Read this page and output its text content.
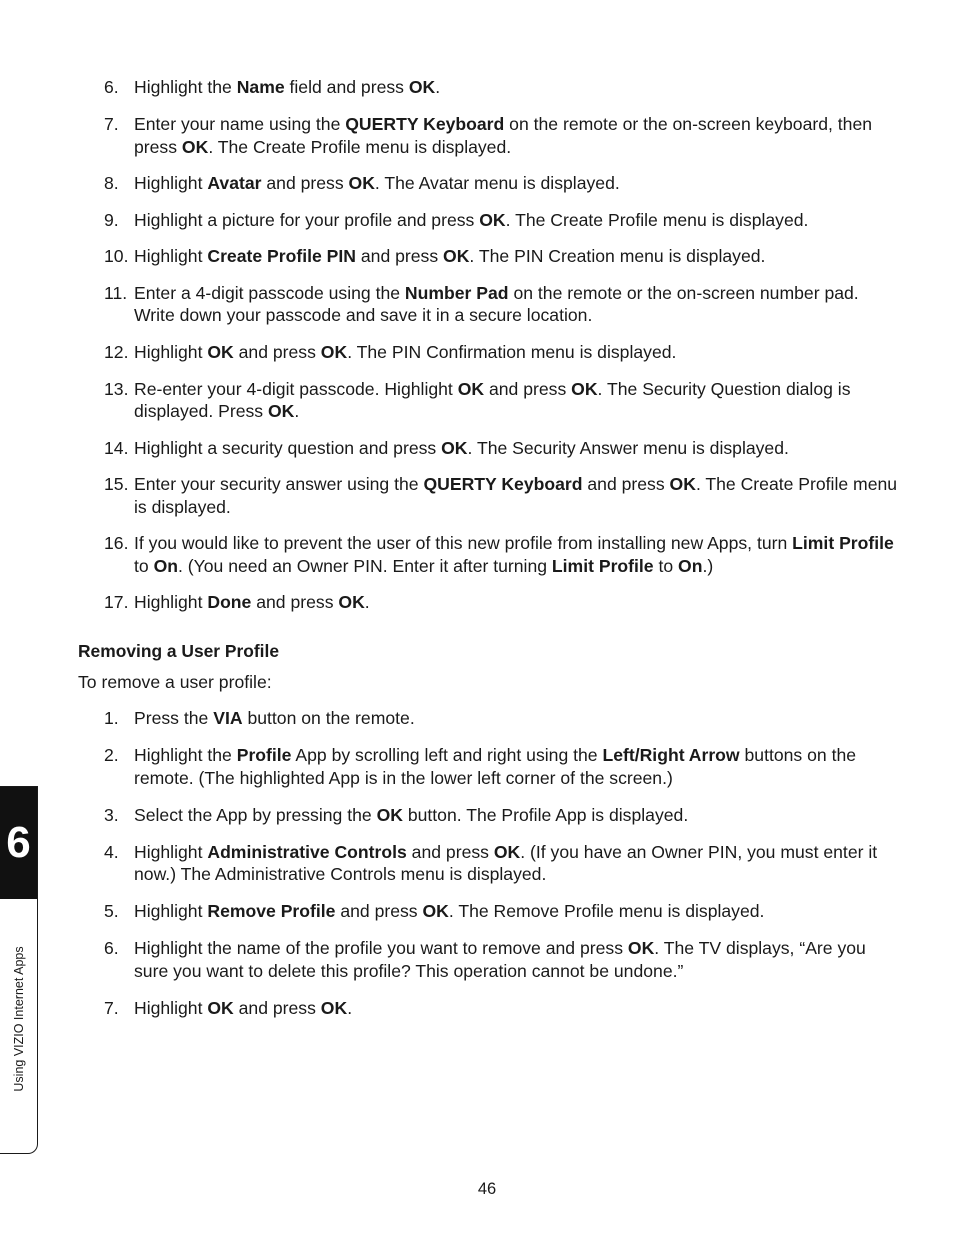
6. Highlight the Name field and press OK.
7. Enter your name using the QUERTY Keyboard on the remote or the on-screen keyboard, then press OK. The Create Profile menu is displayed.
8. Highlight Avatar and press OK. The Avatar menu is displayed.
9. Highlight a picture for your profile and press OK. The Create Profile menu is displayed.
10. Highlight Create Profile PIN and press OK. The PIN Creation menu is displayed.
11. Enter a 4-digit passcode using the Number Pad on the remote or the on-screen number pad. Write down your passcode and save it in a secure location.
12. Highlight OK and press OK. The PIN Confirmation menu is displayed.
13. Re-enter your 4-digit passcode. Highlight OK and press OK. The Security Question dialog is displayed. Press OK.
14. Highlight a security question and press OK. The Security Answer menu is displayed.
15. Enter your security answer using the QUERTY Keyboard and press OK. The Create Profile menu is displayed.
16. If you would like to prevent the user of this new profile from installing new Apps, turn Limit Profile to On. (You need an Owner PIN. Enter it after turning Limit Profile to On.)
17. Highlight Done and press OK.
Removing a User Profile
To remove a user profile:
1. Press the VIA button on the remote.
2. Highlight the Profile App by scrolling left and right using the Left/Right Arrow buttons on the remote. (The highlighted App is in the lower left corner of the screen.)
3. Select the App by pressing the OK button. The Profile App is displayed.
4. Highlight Administrative Controls and press OK. (If you have an Owner PIN, you must enter it now.) The Administrative Controls menu is displayed.
5. Highlight Remove Profile and press OK. The Remove Profile menu is displayed.
6. Highlight the name of the profile you want to remove and press OK. The TV displays, “Are you sure you want to delete this profile? This operation cannot be undone.”
7. Highlight OK and press OK.
6
Using VIZIO Internet Apps
46
